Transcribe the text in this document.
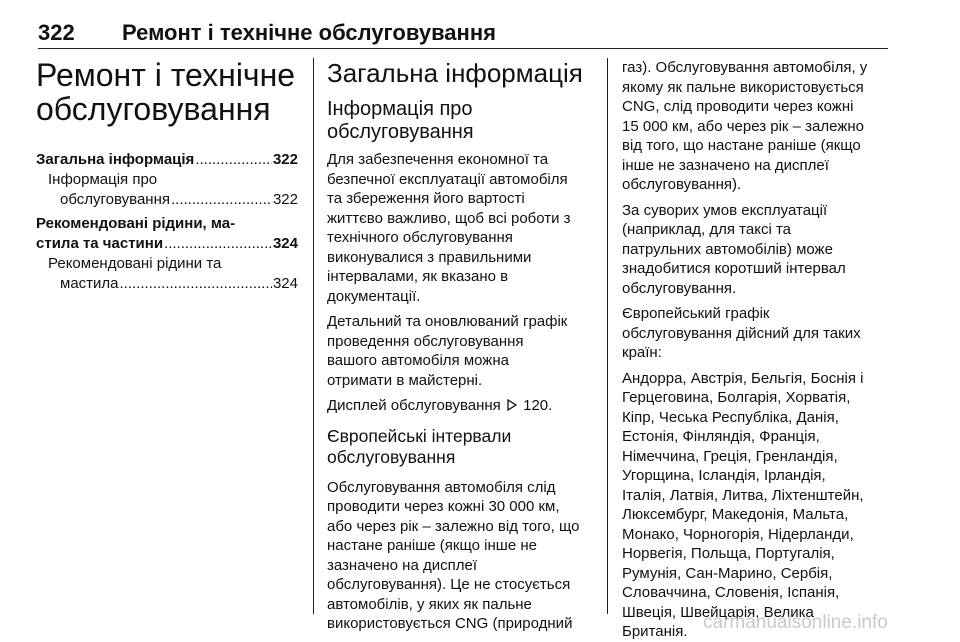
322 Ремонт і технічне обслуговування
Ремонт і технічне
обслуговування
Загальна інформація .....	322
Інформація про
обслуговування .....	322
Рекомендовані рідини, ма-
стила та частини .....	324
Рекомендовані рідини та
мастила .....	324
Загальна інформація
Інформація про
обслуговування

Для забезпечення економної та
безпечної експлуатації автомобіля
та збереження його вартості
життєво важливо, щоб всі роботи з
технічного обслуговування
виконувалися з правильними
інтервалами, як вказано в
документації.

Детальний та оновлюваний графік
проведення обслуговування
вашого автомобіля можна
отримати в майстерні.

Дисплей обслуговування 120.

Європейські інтервали
обслуговування

Обслуговування автомобіля слід
проводити через кожні 30 000 км,
або через рік – залежно від того, що
настане раніше (якщо інше не
зазначено на дисплеї
обслуговування). Це не стосується
автомобілів, у яких як пальне
використовується CNG (природний

газ). Обслуговування автомобіля, у
якому як пальне використовується
CNG, слід проводити через кожні
15 000 км, або через рік – залежно
від того, що настане раніше (якщо
інше не зазначено на дисплеї
обслуговування).

За суворих умов експлуатації
(наприклад, для таксі та
патрульних автомобілів) може
знадобитися коротший інтервал
обслуговування.

Європейський графік
обслуговування дійсний для таких
країн:

Андорра, Австрія, Бельгія, Боснія і
Герцеговина, Болгарія, Хорватія,
Кіпр, Чеська Республіка, Данія,
Естонія, Фінляндія, Франція,
Німеччина, Греція, Гренландія,
Угорщина, Ісландія, Ірландія,
Італія, Латвія, Литва, Ліхтенштейн,
Люксембург, Македонія, Мальта,
Монако, Чорногорія, Нідерланди,
Норвегія, Польща, Португалія,
Румунія, Сан-Марино, Сербія,
Словаччина, Словенія, Іспанія,
Швеція, Швейцарія, Велика
Британія. carmanualsonline.info
